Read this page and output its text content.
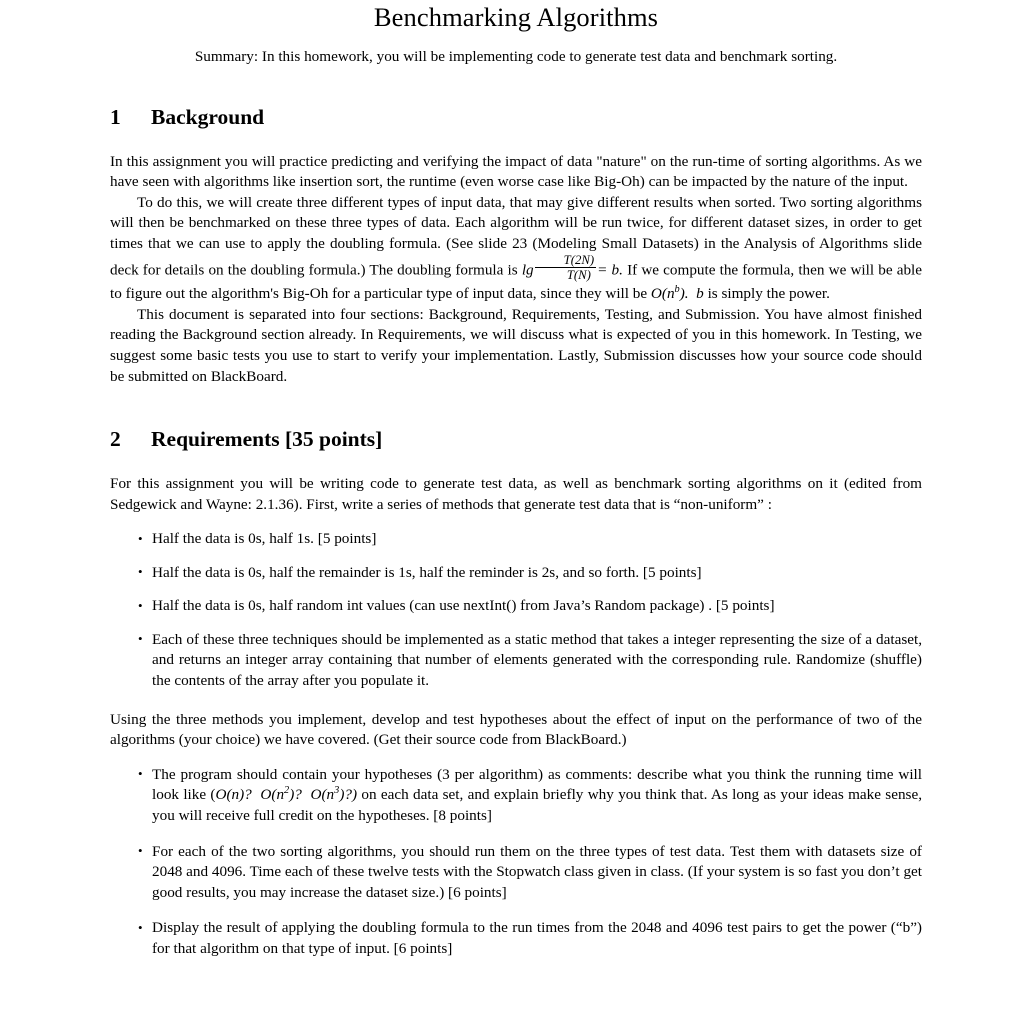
Benchmarking Algorithms
Summary: In this homework, you will be implementing code to generate test data and benchmark sorting.
1	Background

In this assignment you will practice predicting and verifying the impact of data "nature" on the run-time of sorting algorithms. As we have seen with algorithms like insertion sort, the runtime (even worse case like Big-Oh) can be impacted by the nature of the input.

To do this, we will create three different types of input data, that may give different results when sorted. Two sorting algorithms will then be benchmarked on these three types of data. Each algorithm will be run twice, for different dataset sizes, in order to get times that we can use to apply the doubling formula. (See slide 23 (Modeling Small Datasets) in the Analysis of Algorithms slide deck for details on the doubling formula.) The doubling formula is $\lg \frac{T(2N)}{T(N)} = b$. If we compute the formula, then we will be able to figure out the algorithm's Big-Oh for a particular type of input data, since they will be $O(n^b)$. b is simply the power.

This document is separated into four sections: Background, Requirements, Testing, and Submission. You have almost finished reading the Background section already. In Requirements, we will discuss what is expected of you in this homework. In Testing, we suggest some basic tests you use to start to verify your implementation. Lastly, Submission discusses how your source code should be submitted on BlackBoard.

2	Requirements [35 points]

For this assignment you will be writing code to generate test data, as well as benchmark sorting algorithms on it (edited from Sedgewick and Wayne: 2.1.36). First, write a series of methods that generate test data that is “non-uniform” :

• Half the data is 0s, half 1s. [5 points]
• Half the data is 0s, half the remainder is 1s, half the reminder is 2s, and so forth. [5 points]
• Half the data is 0s, half random int values (can use nextInt() from Java’s Random package) . [5 points]
• Each of these three techniques should be implemented as a static method that takes a integer representing the size of a dataset, and returns an integer array containing that number of elements generated with the corresponding rule. Randomize (shuffle) the contents of the array after you populate it.

Using the three methods you implement, develop and test hypotheses about the effect of input on the performance of two of the algorithms (your choice) we have covered. (Get their source code from BlackBoard.)

• The program should contain your hypotheses (3 per algorithm) as comments: describe what you think the running time will look like (O(n)? $O(n^2)$? $O(n^3)$?) on each data set, and explain briefly why you think that. As long as your ideas make sense, you will receive full credit on the hypotheses. [8 points]
• For each of the two sorting algorithms, you should run them on the three types of test data. Test them with datasets size of 2048 and 4096. Time each of these twelve tests with the Stopwatch class given in class. (If your system is so fast you don’t get good results, you may increase the dataset size.) [6 points]
• Display the result of applying the doubling formula to the run times from the 2048 and 4096 test pairs to get the power (“b”) for that algorithm on that type of input. [6 points]
